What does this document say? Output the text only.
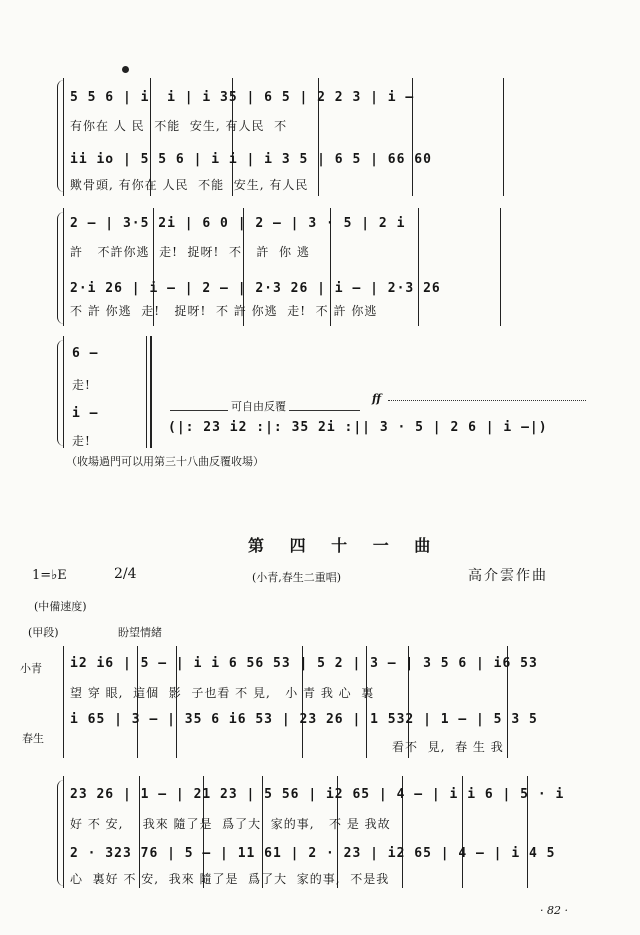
5 5 6 | i  i | i 35 | 6 5 | 2 2 3 | i —
有你在 人 民  不能  安生, 有人民  不
ii io | 5 5 6 | i i | i 3 5 | 6 5 | 66 60
歟骨頭, 有你在 人民  不能  安生, 有人民
2 — | 3·5 2i | 6 0 | 2 — | 3 · 5 | 2 i
許   不許你逃  走!  捉呀!  不   許  你 逃
2·i 26 | i — | 2 — | 2·3 26 | i — | 2·3 26
不 許 你逃  走!   捉呀!  不 許 你逃  走!  不 許 你逃
6 —
走!
i —
走!
可自由反覆
ff
(|: 23 i2 :|: 35 2i :|| 3 · 5 | 2 6 | i —|)
（收場過門可以用第三十八曲反覆收場）
第 四 十 一 曲
1=♭E	2/4	(小青,春生二重唱)	高介雲作曲
(中備速度)
(甲段)	盼望情緒
小青
春生
i2 i6 | 5 — | i i 6 56 53 | 5 2 | 3 — | 3 5 6 | i6 53
望 穿 眼,  這個  影  子也看 不 見,   小 青 我 心  裏
i 65 | 3 — | 35 6 i6 53 | 23 26 | 1 532 | 1 — | 5 3 5
看不  見,  春 生 我
23 26 | 1 — | 21 23 | 5 56 | i2 65 | 4 — | i i 6 | 5 · i
好 不 安,    我來 隨了是  爲了大  家的事,   不 是 我故
2 · 323 76 | 5 — | 11 61 | 2 · 23 | i2 65 | 4 — | i 4 5
心  裏好 不 安,  我來 隨了是  爲了大  家的事,  不是我
· 82 ·
